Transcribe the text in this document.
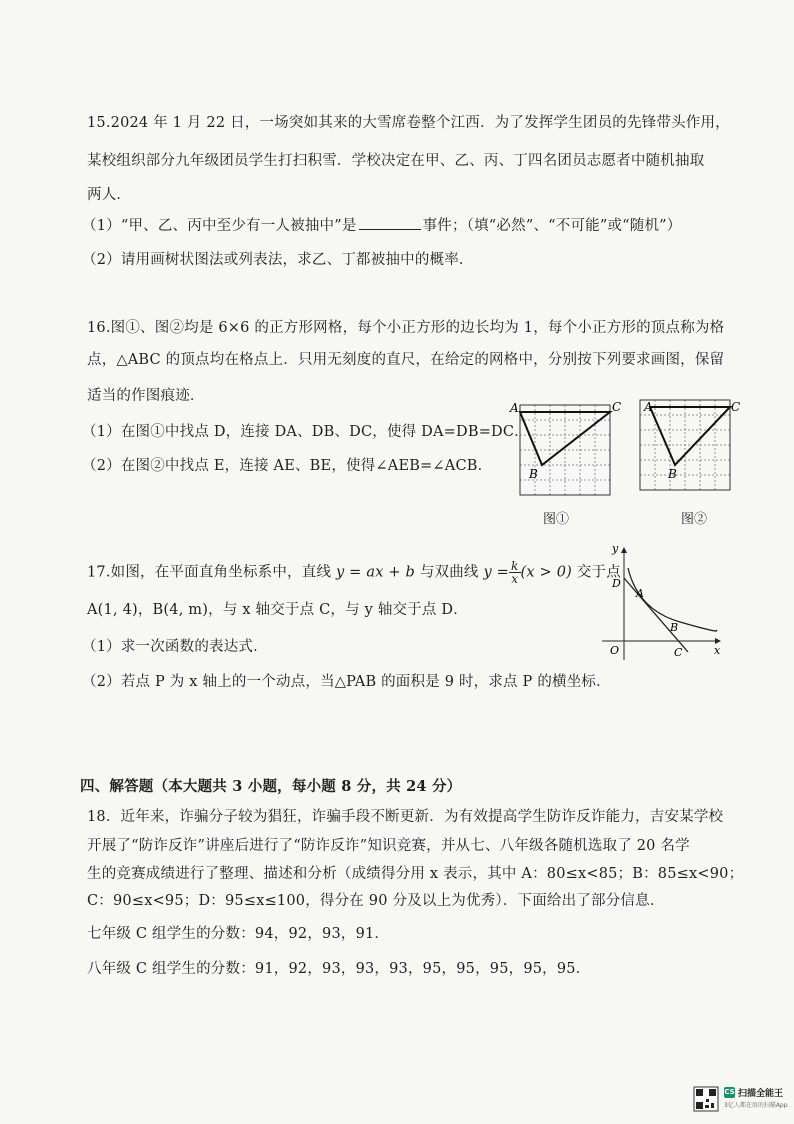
15.2024 年 1 月 22 日，一场突如其来的大雪席卷整个江西．为了发挥学生团员的先锋带头作用，
某校组织部分九年级团员学生打扫积雪．学校决定在甲、乙、丙、丁四名团员志愿者中随机抽取
两人．
（1）“甲、乙、丙中至少有一人被抽中”是	事件；（填“必然”、“不可能”或“随机”）
（2）请用画树状图法或列表法，求乙、丁都被抽中的概率．
16.图①、图②均是 6×6 的正方形网格，每个小正方形的边长均为 1，每个小正方形的顶点称为格
点，△ABC 的顶点均在格点上．只用无刻度的直尺，在给定的网格中，分别按下列要求画图，保留
适当的作图痕迹．
（1）在图①中找点 D，连接 DA、DB、DC，使得 DA=DB=DC．
（2）在图②中找点 E，连接 AE、BE，使得∠AEB=∠ACB．
A	C
B
图①
A	C
B
图②
17.如图，在平面直角坐标系中，直线 y = ax + b 与双曲线 $y = \frac{k}{x} (x > 0)$ 交于点
A(1, 4)，B(4, m)，与 x 轴交于点 C，与 y 轴交于点 D．
（1）求一次函数的表达式．
（2）若点 P 为 x 轴上的一个动点，当△PAB 的面积是 9 时，求点 P 的横坐标．
y
x
O
D
A
B
C
四、解答题（本大题共 3 小题，每小题 8 分，共 24 分）
18．近年来，诈骗分子较为猖狂，诈骗手段不断更新．为有效提高学生防诈反诈能力，吉安某学校
开展了“防诈反诈”讲座后进行了“防诈反诈”知识竞赛，并从七、八年级各随机选取了 20 名学
生的竞赛成绩进行了整理、描述和分析（成绩得分用 x 表示，其中 A：80≤x<85；B：85≤x<90；
C：90≤x<95；D：95≤x≤100，得分在 90 分及以上为优秀）．下面给出了部分信息．
七年级 C 组学生的分数：94，92，93，91．
八年级 C 组学生的分数：91，92，93，93，93，95，95，95，95，95．
CS 扫描全能王
3亿人都在用的扫描App
